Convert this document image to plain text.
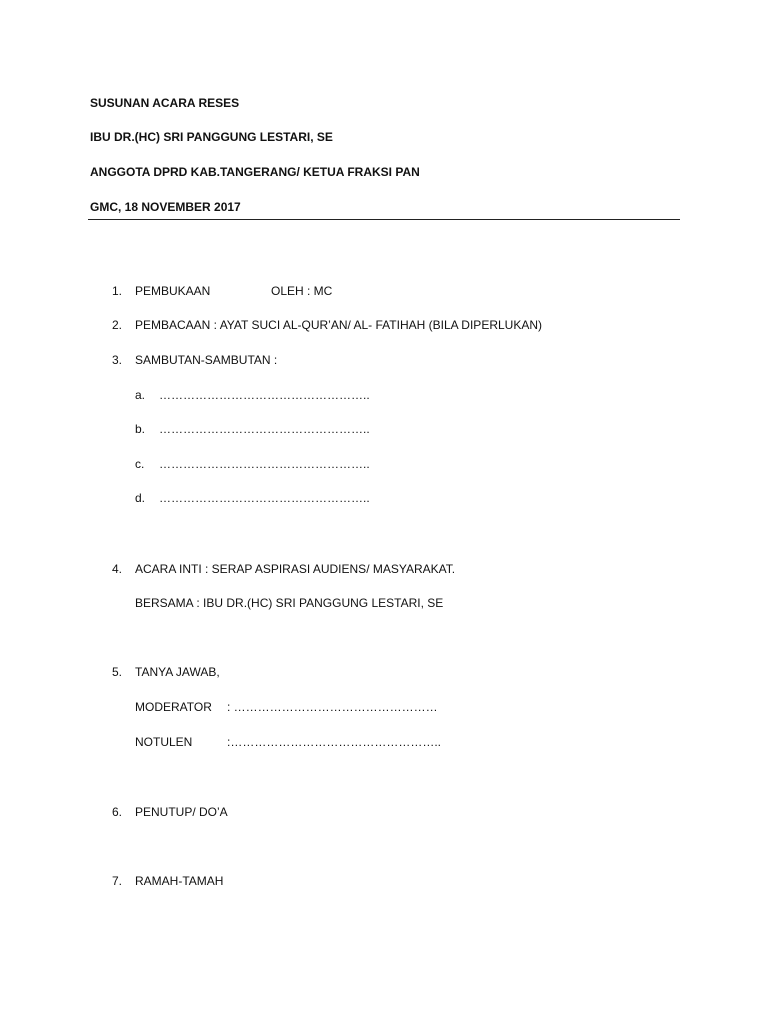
SUSUNAN ACARA RESES
IBU DR.(HC) SRI PANGGUNG LESTARI, SE
ANGGOTA DPRD KAB.TANGERANG/ KETUA FRAKSI PAN
GMC, 18 NOVEMBER 2017
1. PEMBUKAAN	OLEH : MC
2. PEMBACAAN : AYAT SUCI AL-QUR’AN/ AL- FATIHAH (BILA DIPERLUKAN)
3. SAMBUTAN-SAMBUTAN :
a. ……………………………………………..
b. ……………………………………………..
c. ……………………………………………..
d. ……………………………………………..
4. ACARA INTI : SERAP ASPIRASI AUDIENS/ MASYARAKAT.
BERSAMA : IBU DR.(HC) SRI PANGGUNG LESTARI, SE
5. TANYA JAWAB,
MODERATOR : ……………………………………………
NOTULEN	:……………………………………………..
6. PENUTUP/ DO’A
7. RAMAH-TAMAH
